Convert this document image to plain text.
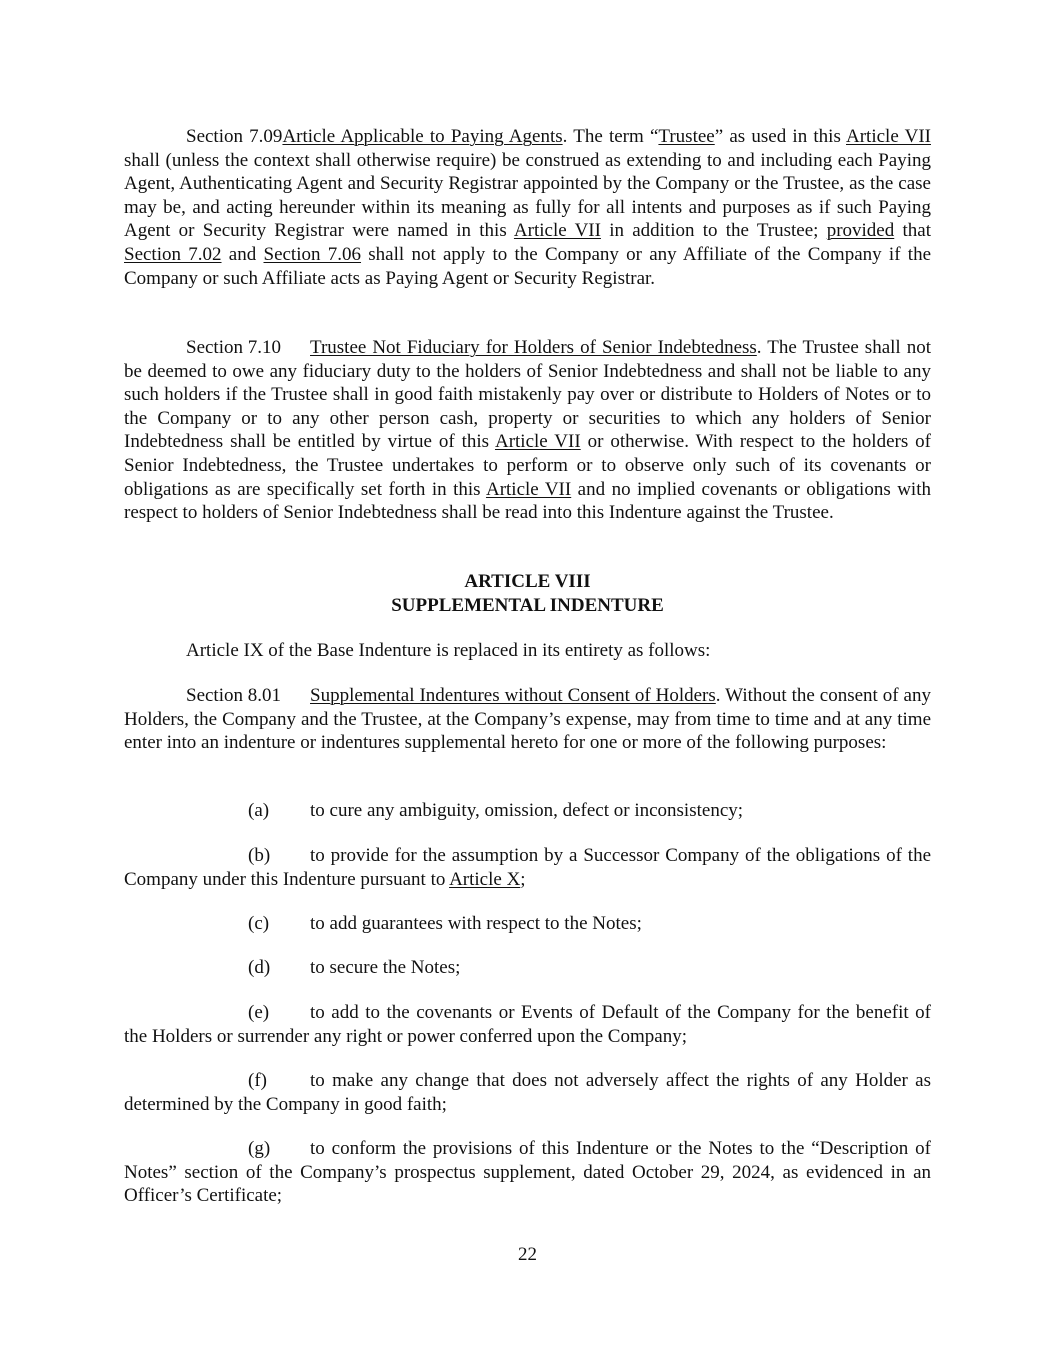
Section 7.09Article Applicable to Paying Agents. The term “Trustee” as used in this Article VII shall (unless the context shall otherwise require) be construed as extending to and including each Paying Agent, Authenticating Agent and Security Registrar appointed by the Company or the Trustee, as the case may be, and acting hereunder within its meaning as fully for all intents and purposes as if such Paying Agent or Security Registrar were named in this Article VII in addition to the Trustee; provided that Section 7.02 and Section 7.06 shall not apply to the Company or any Affiliate of the Company if the Company or such Affiliate acts as Paying Agent or Security Registrar.

Section 7.10 Trustee Not Fiduciary for Holders of Senior Indebtedness. The Trustee shall not be deemed to owe any fiduciary duty to the holders of Senior Indebtedness and shall not be liable to any such holders if the Trustee shall in good faith mistakenly pay over or distribute to Holders of Notes or to the Company or to any other person cash, property or securities to which any holders of Senior Indebtedness shall be entitled by virtue of this Article VII or otherwise. With respect to the holders of Senior Indebtedness, the Trustee undertakes to perform or to observe only such of its covenants or obligations as are specifically set forth in this Article VII and no implied covenants or obligations with respect to holders of Senior Indebtedness shall be read into this Indenture against the Trustee.

ARTICLE VIII

SUPPLEMENTAL INDENTURE

Article IX of the Base Indenture is replaced in its entirety as follows:

Section 8.01 Supplemental Indentures without Consent of Holders. Without the consent of any Holders, the Company and the Trustee, at the Company’s expense, may from time to time and at any time enter into an indenture or indentures supplemental hereto for one or more of the following purposes:

(a) to cure any ambiguity, omission, defect or inconsistency;

(b) to provide for the assumption by a Successor Company of the obligations of the Company under this Indenture pursuant to Article X;

(c) to add guarantees with respect to the Notes;

(d) to secure the Notes;

(e) to add to the covenants or Events of Default of the Company for the benefit of the Holders or surrender any right or power conferred upon the Company;

(f) to make any change that does not adversely affect the rights of any Holder as determined by the Company in good faith;

(g) to conform the provisions of this Indenture or the Notes to the “Description of Notes” section of the Company’s prospectus supplement, dated October 29, 2024, as evidenced in an Officer’s Certificate;

22
